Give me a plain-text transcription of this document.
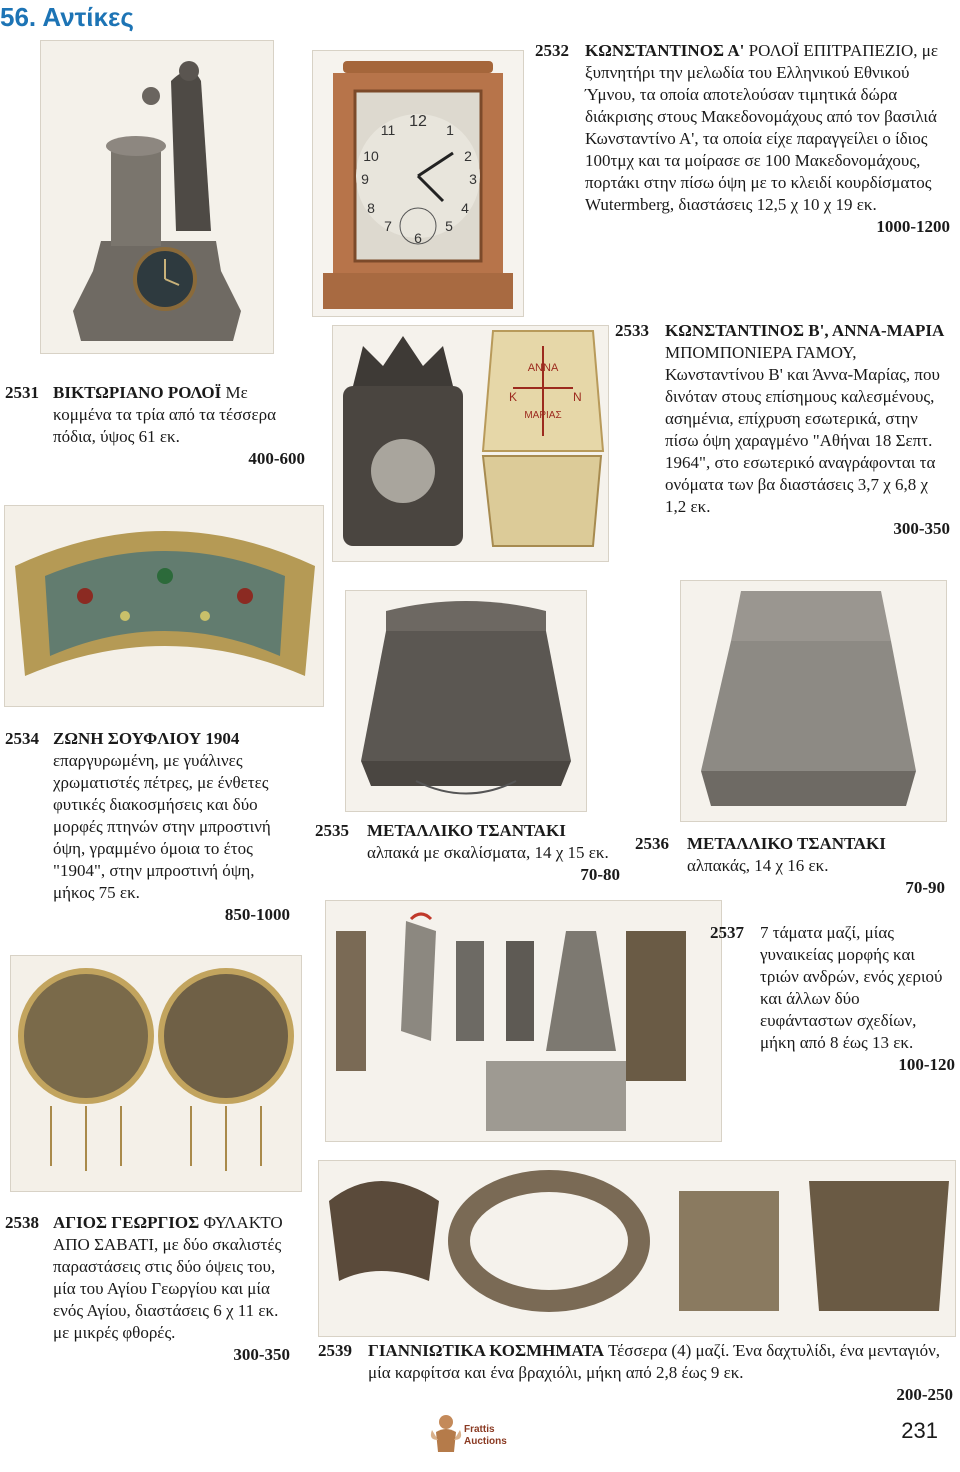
56. Αντίκες
12 1
2
3
4
5
6
7
8
9
10
11
ΑΝΝΑ
ΜΑΡΙΑΣ
Κ	Ν
2531 ΒΙΚΤΩΡΙΑΝΟ ΡΟΛΟΪ Με κομμένα τα τρία από τα τέσσερα πόδια, ύψος 61 εκ.
400-600
2532 ΚΩΝΣΤΑΝΤΙΝΟΣ Α' ΡΟΛΟΪ ΕΠΙΤΡΑΠΕΖΙΟ, με ξυπνητήρι την μελωδία του Ελληνικού Εθνικού Ύμνου, τα οποία αποτελούσαν τιμητικά δώρα διάκρισης στους Μακεδονομάχους από τον βασιλιά Κωνσταντίνο Α', τα οποία είχε παραγγείλει ο ίδιος 100τμχ και τα μοίρασε σε 100 Μακεδονομάχους, πορτάκι στην πίσω όψη με το κλειδί κουρδίσματος Wutermberg, διαστάσεις 12,5 χ 10 χ 19 εκ.
1000-1200
2533 ΚΩΝΣΤΑΝΤΙΝΟΣ Β', ΑΝΝΑ-ΜΑΡΙΑ ΜΠΟΜΠΟΝΙΕΡΑ ΓΑΜΟΥ, Κωνσταντίνου Β' και Άννα-Μαρίας, που δινόταν στους επίσημους καλεσμένους, ασημένια, επίχρυση εσωτερικά, στην πίσω όψη χαραγμένο "Αθήναι 18 Σεπτ. 1964", στο εσωτερικό αναγράφονται τα ονόματα των βα διαστάσεις 3,7 χ 6,8 χ 1,2 εκ.
300-350
2534 ΖΩΝΗ ΣΟΥΦΛΙΟΥ 1904
επαργυρωμένη, με γυάλινες χρωματιστές πέτρες, με ένθετες φυτικές διακοσμήσεις και δύο μορφές πτηνών στην μπροστινή όψη, γραμμένο όμοια το έτος "1904", στην μπροστινή όψη, μήκος 75 εκ.
850-1000
2535 ΜΕΤΑΛΛΙΚΟ ΤΣΑΝΤΑΚΙ
αλπακά με σκαλίσματα, 14 χ 15 εκ.
70-80
2536 ΜΕΤΑΛΛΙΚΟ ΤΣΑΝΤΑΚΙ
αλπακάς, 14 χ 16 εκ.
70-90
2537 7 τάματα μαζί, μίας γυναικείας μορφής και τριών ανδρών, ενός χεριού και άλλων δύο ευφάνταστων σχεδίων, μήκη από 8 έως 13 εκ.
100-120
2538 ΑΓΙΟΣ ΓΕΩΡΓΙΟΣ ΦΥΛΑΚΤΟ ΑΠΟ ΣΑΒΑΤΙ, με δύο σκαλιστές παραστάσεις στις δύο όψεις του, μία του Αγίου Γεωργίου και μία ενός Αγίου, διαστάσεις 6 χ 11 εκ. με μικρές φθορές.
300-350 2539 ΓΙΑΝΝΙΩΤΙΚΑ ΚΟΣΜΗΜΑΤΑ Τέσσερα (4) μαζί. Ένα δαχτυλίδι, ένα μενταγιόν, μία καρφίτσα και ένα βραχιόλι, μήκη από 2,8 έως 9 εκ.
200-250
Frattis
Auctions	231
